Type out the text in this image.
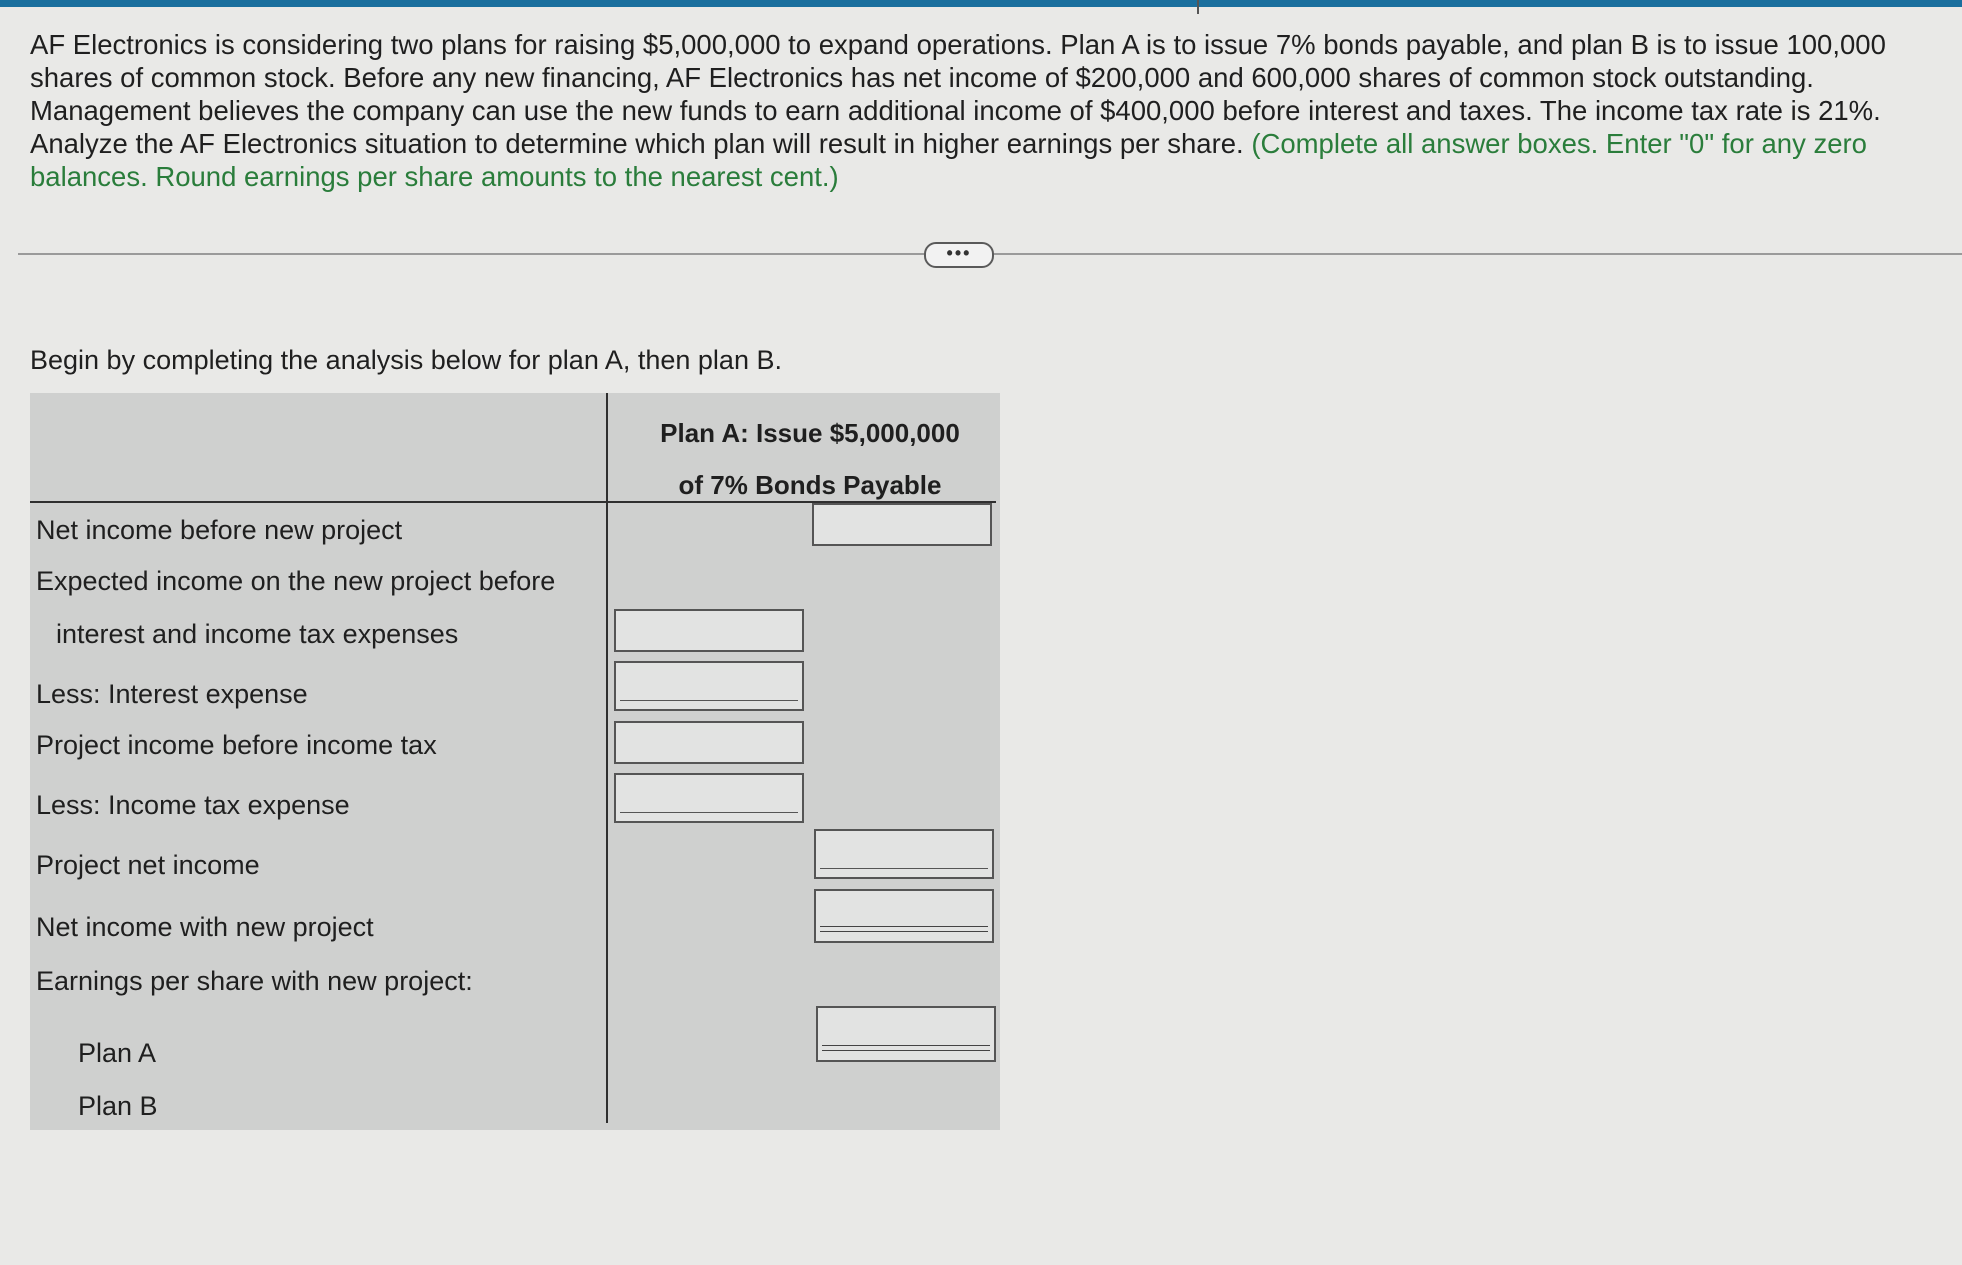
AF Electronics is considering two plans for raising $5,000,000 to expand operations. Plan A is to issue 7% bonds payable, and plan B is to issue 100,000 shares of common stock. Before any new financing, AF Electronics has net income of $200,000 and 600,000 shares of common stock outstanding. Management believes the company can use the new funds to earn additional income of $400,000 before interest and taxes. The income tax rate is 21%. Analyze the AF Electronics situation to determine which plan will result in higher earnings per share. (Complete all answer boxes. Enter "0" for any zero balances. Round earnings per share amounts to the nearest cent.)
•••
Begin by completing the analysis below for plan A, then plan B.
Plan A: Issue $5,000,000
of 7% Bonds Payable
Net income before new project
Expected income on the new project before
interest and income tax expenses
Less: Interest expense
Project income before income tax
Less: Income tax expense
Project net income
Net income with new project
Earnings per share with new project:
Plan A
Plan B
